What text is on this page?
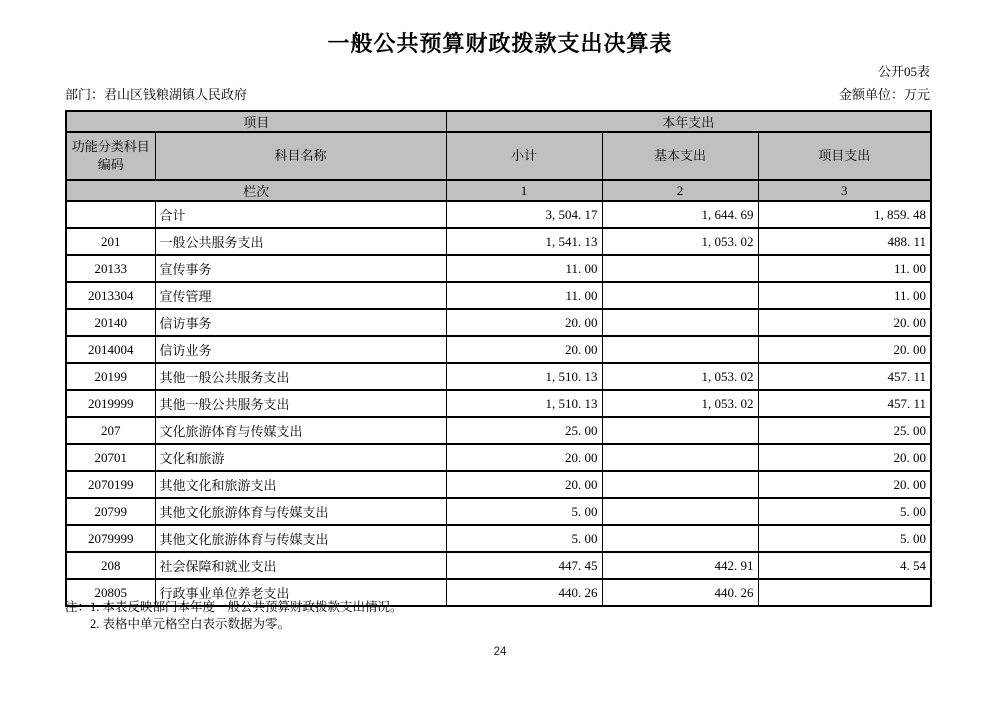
一般公共预算财政拨款支出决算表
公开05表
部门：君山区钱粮湖镇人民政府	金额单位：万元
项目		本年支出		
功能分类科目编码	科目名称	小计	基本支出	项目支出
栏次		1	2	3
	合计	3, 504. 17	1, 644. 69	1, 859. 48
201	一般公共服务支出	1, 541. 13	1, 053. 02	488. 11
20133	宣传事务	11. 00		11. 00
2013304	宣传管理	11. 00		11. 00
20140	信访事务	20. 00		20. 00
2014004	信访业务	20. 00		20. 00
20199	其他一般公共服务支出	1, 510. 13	1, 053. 02	457. 11
2019999	其他一般公共服务支出	1, 510. 13	1, 053. 02	457. 11
207	文化旅游体育与传媒支出	25. 00		25. 00
20701	文化和旅游	20. 00		20. 00
2070199	其他文化和旅游支出	20. 00		20. 00
20799	其他文化旅游体育与传媒支出	5. 00		5. 00
2079999	其他文化旅游体育与传媒支出	5. 00		5. 00
208	社会保障和就业支出	447. 45	442. 91	4. 54
20805	行政事业单位养老支出	440. 26	440. 26	
注：1. 本表反映部门本年度一般公共预算财政拨款支出情况。
2. 表格中单元格空白表示数据为零。
24
